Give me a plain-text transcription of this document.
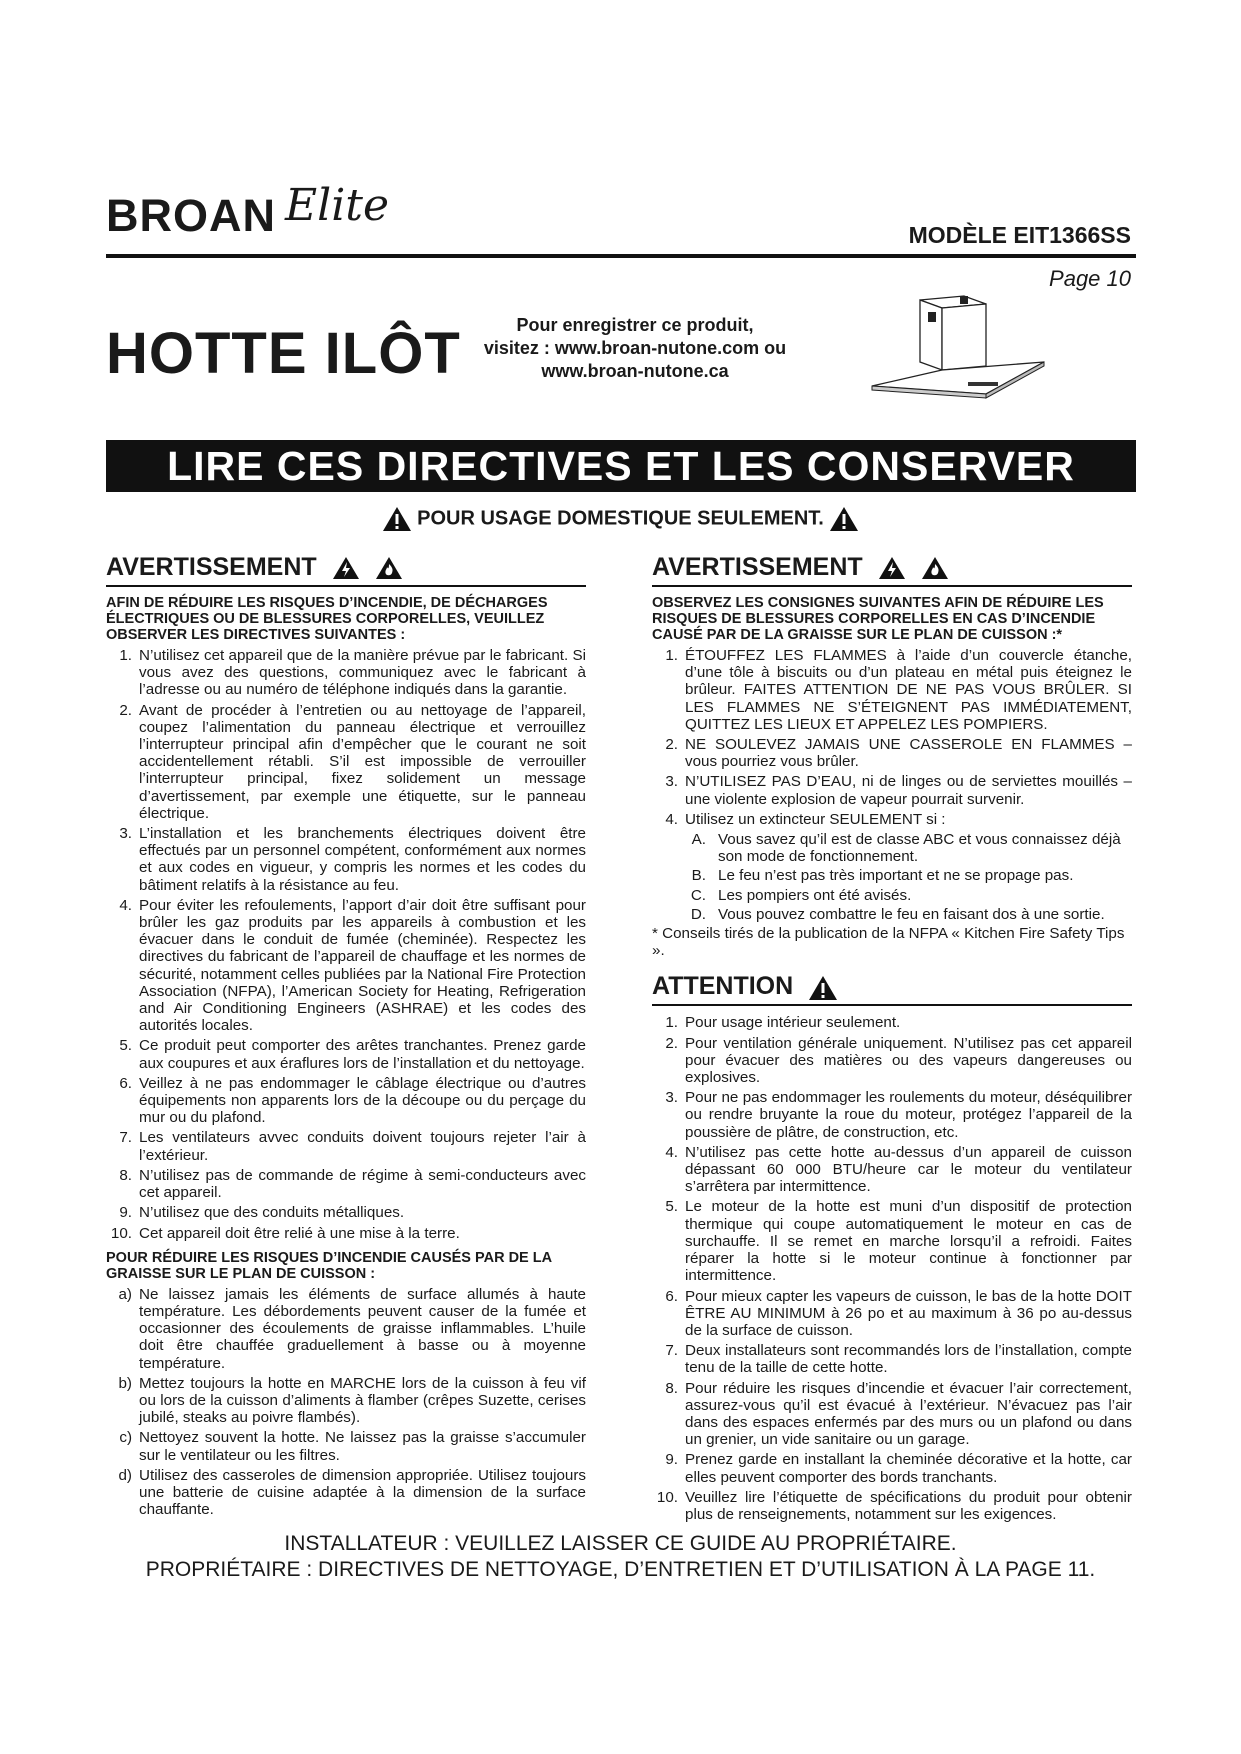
BROAN Elite
MODÈLE EIT1366SS
Page 10
HOTTE ILÔT	Pour enregistrer ce produit,
visitez : www.broan-nutone.com ou
www.broan-nutone.ca
LIRE CES DIRECTIVES ET LES CONSERVER
POUR USAGE DOMESTIQUE SEULEMENT.
AVERTISSEMENT
AFIN DE RÉDUIRE LES RISQUES D’INCENDIE, DE DÉCHARGES ÉLECTRIQUES OU DE BLESSURES CORPORELLES, VEUILLEZ OBSERVER LES DIRECTIVES SUIVANTES :
1. N’utilisez cet appareil que de la manière prévue par le fabricant. Si vous avez des questions, communiquez avec le fabricant à l’adresse ou au numéro de téléphone indiqués dans la garantie.
2. Avant de procéder à l’entretien ou au nettoyage de l’appareil, coupez l’alimentation du panneau électrique et verrouillez l’interrupteur principal afin d’empêcher que le courant ne soit accidentellement rétabli. S’il est impossible de verrouiller l’interrupteur principal, fixez solidement un message d’avertissement, par exemple une étiquette, sur le panneau électrique.
3. L’installation et les branchements électriques doivent être effectués par un personnel compétent, conformément aux normes et aux codes en vigueur, y compris les normes et les codes du bâtiment relatifs à la résistance au feu.
4. Pour éviter les refoulements, l’apport d’air doit être suffisant pour brûler les gaz produits par les appareils à combustion et les évacuer dans le conduit de fumée (cheminée). Respectez les directives du fabricant de l’appareil de chauffage et les normes de sécurité, notamment celles publiées par la National Fire Protection Association (NFPA), l’American Society for Heating, Refrigeration and Air Conditioning Engineers (ASHRAE) et les codes des autorités locales.
5. Ce produit peut comporter des arêtes tranchantes. Prenez garde aux coupures et aux éraflures lors de l’installation et du nettoyage.
6. Veillez à ne pas endommager le câblage électrique ou d’autres équipements non apparents lors de la découpe ou du perçage du mur ou du plafond.
7. Les ventilateurs avvec conduits doivent toujours rejeter l’air à l’extérieur.
8. N’utilisez pas de commande de régime à semi-conducteurs avec cet appareil.
9. N’utilisez que des conduits métalliques.
10. Cet appareil doit être relié à une mise à la terre.
POUR RÉDUIRE LES RISQUES D’INCENDIE CAUSÉS PAR DE LA GRAISSE SUR LE PLAN DE CUISSON :
a) Ne laissez jamais les éléments de surface allumés à haute température. Les débordements peuvent causer de la fumée et occasionner des écoulements de graisse inflammables. L’huile doit être chauffée graduellement à basse ou à moyenne température.
b) Mettez toujours la hotte en MARCHE lors de la cuisson à feu vif ou lors de la cuisson d’aliments à flamber (crêpes Suzette, cerises jubilé, steaks au poivre flambés).
c) Nettoyez souvent la hotte. Ne laissez pas la graisse s’accumuler sur le ventilateur ou les filtres.
d) Utilisez des casseroles de dimension appropriée. Utilisez toujours une batterie de cuisine adaptée à la dimension de la surface chauffante.
AVERTISSEMENT
OBSERVEZ LES CONSIGNES SUIVANTES AFIN DE RÉDUIRE LES RISQUES DE BLESSURES CORPORELLES EN CAS D’INCENDIE CAUSÉ PAR DE LA GRAISSE SUR LE PLAN DE CUISSON :*
1. ÉTOUFFEZ LES FLAMMES à l’aide d’un couvercle étanche, d’une tôle à biscuits ou d’un plateau en métal puis éteignez le brûleur. FAITES ATTENTION DE NE PAS VOUS BRÛLER. SI LES FLAMMES NE S’ÉTEIGNENT PAS IMMÉDIATEMENT, QUITTEZ LES LIEUX ET APPELEZ LES POMPIERS.
2. NE SOULEVEZ JAMAIS UNE CASSEROLE EN FLAMMES – vous pourriez vous brûler.
3. N’UTILISEZ PAS D’EAU, ni de linges ou de serviettes mouillés – une violente explosion de vapeur pourrait survenir.
4. Utilisez un extincteur SEULEMENT si :
A. Vous savez qu’il est de classe ABC et vous connaissez déjà son mode de fonctionnement.
B. Le feu n’est pas très important et ne se propage pas.
C. Les pompiers ont été avisés.
D. Vous pouvez combattre le feu en faisant dos à une sortie.
* Conseils tirés de la publication de la NFPA « Kitchen Fire Safety Tips ».
ATTENTION
1. Pour usage intérieur seulement.
2. Pour ventilation générale uniquement. N’utilisez pas cet appareil pour évacuer des matières ou des vapeurs dangereuses ou explosives.
3. Pour ne pas endommager les roulements du moteur, déséquilibrer ou rendre bruyante la roue du moteur, protégez l’appareil de la poussière de plâtre, de construction, etc.
4. N’utilisez pas cette hotte au-dessus d’un appareil de cuisson dépassant 60 000 BTU/heure car le moteur du ventilateur s’arrêtera par intermittence.
5. Le moteur de la hotte est muni d’un dispositif de protection thermique qui coupe automatiquement le moteur en cas de surchauffe. Il se remet en marche lorsqu’il a refroidi. Faites réparer la hotte si le moteur continue à fonctionner par intermittence.
6. Pour mieux capter les vapeurs de cuisson, le bas de la hotte DOIT ÊTRE AU MINIMUM à 26 po et au maximum à 36 po au-dessus de la surface de cuisson.
7. Deux installateurs sont recommandés lors de l’installation, compte tenu de la taille de cette hotte.
8. Pour réduire les risques d’incendie et évacuer l’air correctement, assurez-vous qu’il est évacué à l’extérieur. N’évacuez pas l’air dans des espaces enfermés par des murs ou un plafond ou dans un grenier, un vide sanitaire ou un garage.
9. Prenez garde en installant la cheminée décorative et la hotte, car elles peuvent comporter des bords tranchants.
10. Veuillez lire l’étiquette de spécifications du produit pour obtenir plus de renseignements, notamment sur les exigences.
INSTALLATEUR : VEUILLEZ LAISSER CE GUIDE AU PROPRIÉTAIRE.
PROPRIÉTAIRE : DIRECTIVES DE NETTOYAGE, D’ENTRETIEN ET D’UTILISATION À LA PAGE 11.
